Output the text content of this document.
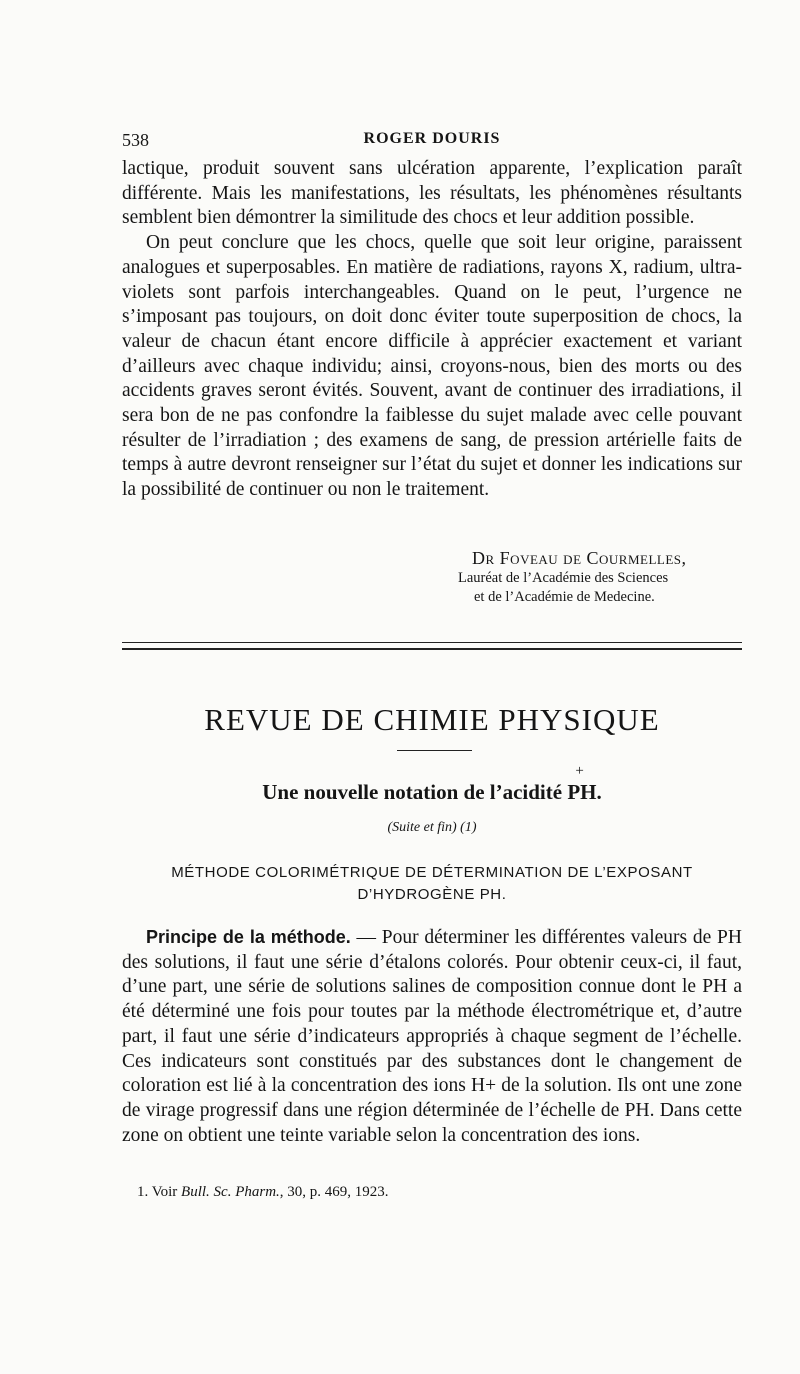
538	ROGER DOURIS

lactique, produit souvent sans ulcération apparente, l’explication paraît différente. Mais les manifestations, les résultats, les phénomènes résultants semblent bien démontrer la similitude des chocs et leur addition possible.

On peut conclure que les chocs, quelle que soit leur origine, paraissent analogues et superposables. En matière de radiations, rayons X, radium, ultra-violets sont parfois interchangeables. Quand on le peut, l’urgence ne s’imposant pas toujours, on doit donc éviter toute superposition de chocs, la valeur de chacun étant encore difficile à apprécier exactement et variant d’ailleurs avec chaque individu; ainsi, croyons-nous, bien des morts ou des accidents graves seront évités. Souvent, avant de continuer des irradiations, il sera bon de ne pas confondre la faiblesse du sujet malade avec celle pouvant résulter de l’irradiation ; des examens de sang, de pression artérielle faits de temps à autre devront renseigner sur l’état du sujet et donner les indications sur la possibilité de continuer ou non le traitement.

Dr Foveau de Courmelles,
Lauréat de l’Académie des Sciences
et de l’Académie de Medecine.
REVUE DE CHIMIE PHYSIQUE
Une nouvelle notation de l’acidité
+
PH.
(Suite et fin) (1)
MÉTHODE COLORIMÉTRIQUE DE DÉTERMINATION DE L’EXPOSANT
D’HYDROGÈNE PH.

Principe de la méthode. — Pour déterminer les différentes valeurs de PH des solutions, il faut une série d’étalons colorés. Pour obtenir ceux-ci, il faut, d’une part, une série de solutions salines de composition connue dont le PH a été déterminé une fois pour toutes par la méthode électrométrique et, d’autre part, il faut une série d’indicateurs appropriés à chaque segment de l’échelle. Ces indicateurs sont constitués par des substances dont le changement de coloration est lié à la concentration des ions H+ de la solution. Ils ont une zone de virage progressif dans une région déterminée de l’échelle de PH. Dans cette zone on obtient une teinte variable selon la concentration des ions.

1. Voir Bull. Sc. Pharm., 30, p. 469, 1923.
